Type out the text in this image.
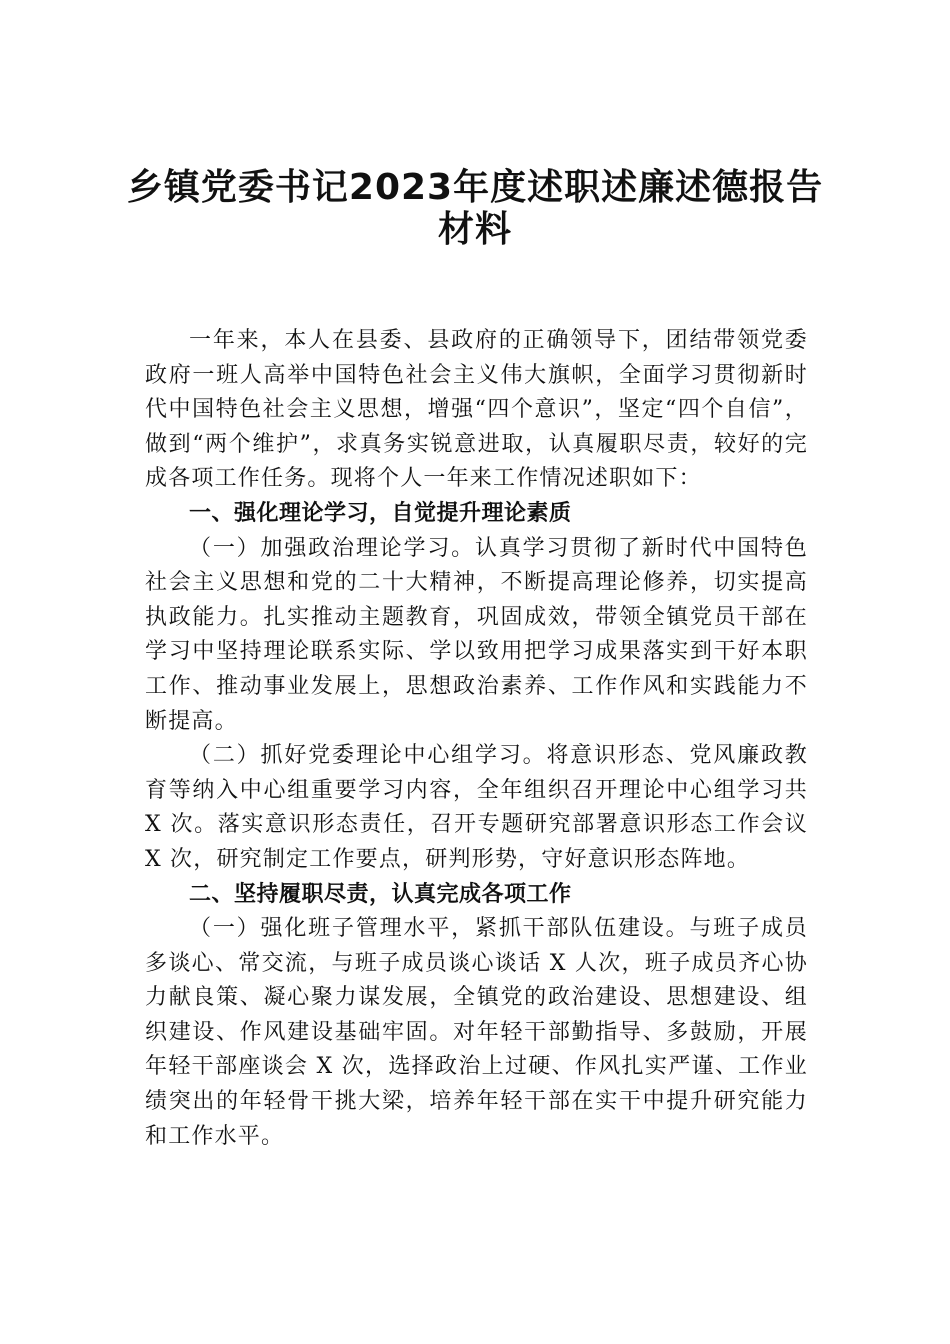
乡镇党委书记2023年度述职述廉述德报告
材料

一年来，本人在县委、县政府的正确领导下，团结带领党委政府一班人高举中国特色社会主义伟大旗帜，全面学习贯彻新时代中国特色社会主义思想，增强“四个意识”，坚定“四个自信”，做到“两个维护”，求真务实锐意进取，认真履职尽责，较好的完成各项工作任务。现将个人一年来工作情况述职如下：

一、强化理论学习，自觉提升理论素质

（一）加强政治理论学习。认真学习贯彻了新时代中国特色社会主义思想和党的二十大精神，不断提高理论修养，切实提高执政能力。扎实推动主题教育，巩固成效，带领全镇党员干部在学习中坚持理论联系实际、学以致用把学习成果落实到干好本职工作、推动事业发展上，思想政治素养、工作作风和实践能力不断提高。

（二）抓好党委理论中心组学习。将意识形态、党风廉政教育等纳入中心组重要学习内容，全年组织召开理论中心组学习共 X 次。落实意识形态责任，召开专题研究部署意识形态工作会议 X 次，研究制定工作要点，研判形势，守好意识形态阵地。

二、坚持履职尽责，认真完成各项工作

（一）强化班子管理水平，紧抓干部队伍建设。与班子成员多谈心、常交流，与班子成员谈心谈话 X 人次，班子成员齐心协力献良策、凝心聚力谋发展，全镇党的政治建设、思想建设、组织建设、作风建设基础牢固。对年轻干部勤指导、多鼓励，开展年轻干部座谈会 X 次，选择政治上过硬、作风扎实严谨、工作业绩突出的年轻骨干挑大梁，培养年轻干部在实干中提升研究能力和工作水平。
